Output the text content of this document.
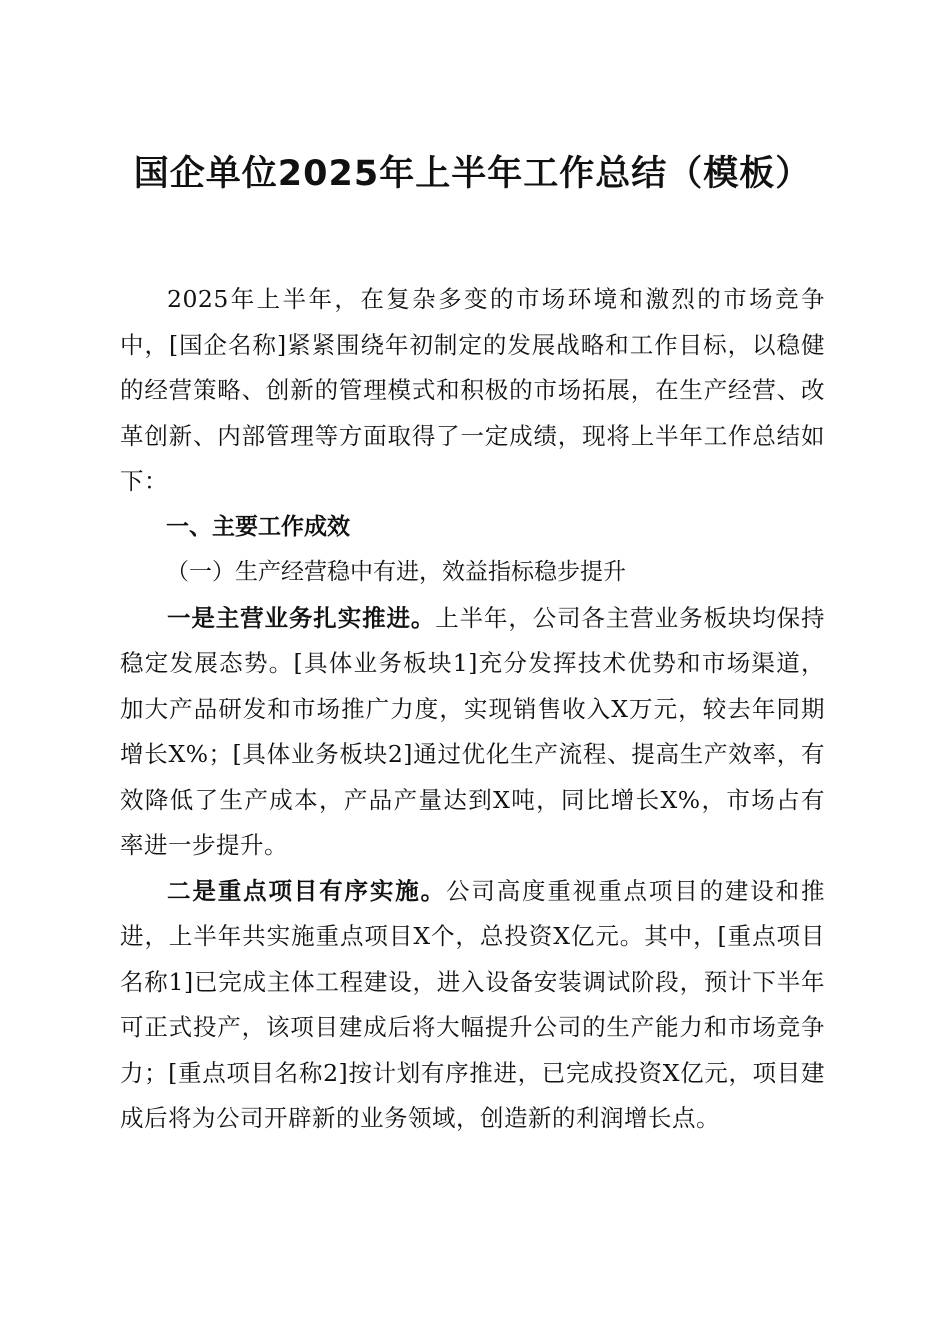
国企单位2025年上半年工作总结（模板）

2025年上半年，在复杂多变的市场环境和激烈的市场竞争中，[国企名称]紧紧围绕年初制定的发展战略和工作目标，以稳健的经营策略、创新的管理模式和积极的市场拓展，在生产经营、改革创新、内部管理等方面取得了一定成绩，现将上半年工作总结如下：

一、主要工作成效

（一）生产经营稳中有进，效益指标稳步提升

一是主营业务扎实推进。上半年，公司各主营业务板块均保持稳定发展态势。[具体业务板块1]充分发挥技术优势和市场渠道，加大产品研发和市场推广力度，实现销售收入X万元，较去年同期增长X%；[具体业务板块2]通过优化生产流程、提高生产效率，有效降低了生产成本，产品产量达到X吨，同比增长X%，市场占有率进一步提升。

二是重点项目有序实施。公司高度重视重点项目的建设和推进，上半年共实施重点项目X个，总投资X亿元。其中，[重点项目名称1]已完成主体工程建设，进入设备安装调试阶段，预计下半年可正式投产，该项目建成后将大幅提升公司的生产能力和市场竞争力；[重点项目名称2]按计划有序推进，已完成投资X亿元，项目建成后将为公司开辟新的业务领域，创造新的利润增长点。
